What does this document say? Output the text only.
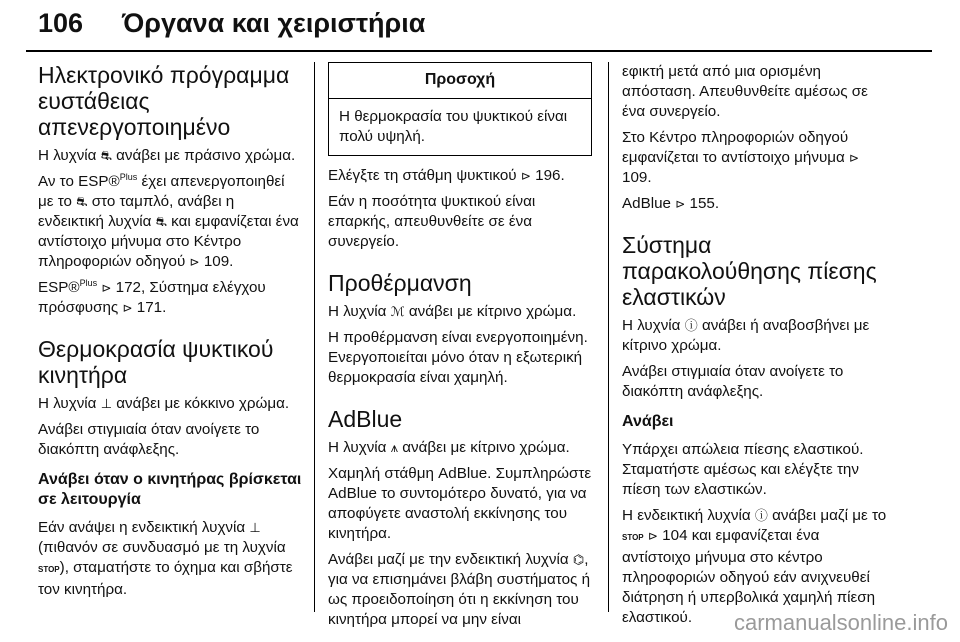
106 Όργανα και χειριστήρια
Ηλεκτρονικό πρόγραμμα ευστάθειας απενεργοποιημένο

Η λυχνία ⛐ ανάβει με πράσινο χρώμα.

Αν το ESP®$^{Plus}$ έχει απενεργοποιηθεί με το ⛐ στο ταμπλό, ανάβει η ενδεικτική λυχνία ⛐ και εμφανίζεται ένα αντίστοιχο μήνυμα στο Κέντρο πληροφοριών οδηγού ⊳ 109.

ESP®$^{Plus}$ ⊳ 172, Σύστημα ελέγχου πρόσφυσης ⊳ 171.

Θερμοκρασία ψυκτικού κινητήρα

Η λυχνία ⊥ ανάβει με κόκκινο χρώμα.

Ανάβει στιγμιαία όταν ανοίγετε το διακόπτη ανάφλεξης.

Ανάβει όταν ο κινητήρας βρίσκεται σε λειτουργία

Εάν ανάψει η ενδεικτική λυχνία ⊥ (πιθανόν σε συνδυασμό με τη λυχνία STOP), σταματήστε το όχημα και σβήστε τον κινητήρα.

Προσοχή
Η θερμοκρασία του ψυκτικού είναι πολύ υψηλή.

Ελέγξτε τη στάθμη ψυκτικού ⊳ 196.

Εάν η ποσότητα ψυκτικού είναι επαρκής, απευθυνθείτε σε ένα συνεργείο.

Προθέρμανση

Η λυχνία ℳ ανάβει με κίτρινο χρώμα.

Η προθέρμανση είναι ενεργοποιημένη. Ενεργοποιείται μόνο όταν η εξωτερική θερμοκρασία είναι χαμηλή.

AdBlue

Η λυχνία ⩚ ανάβει με κίτρινο χρώμα.

Χαμηλή στάθμη AdBlue. Συμπληρώστε AdBlue το συντομότερο δυνατό, για να αποφύγετε αναστολή εκκίνησης του κινητήρα.

Ανάβει μαζί με την ενδεικτική λυχνία ⌬, για να επισημάνει βλάβη συστήματος ή ως προειδοποίηση ότι η εκκίνηση του κινητήρα μπορεί να μην είναι

εφικτή μετά από μια ορισμένη απόσταση. Απευθυνθείτε αμέσως σε ένα συνεργείο.

Στο Κέντρο πληροφοριών οδηγού εμφανίζεται το αντίστοιχο μήνυμα ⊳ 109.

AdBlue ⊳ 155.

Σύστημα παρακολούθησης πίεσης ελαστικών

Η λυχνία ⓘ ανάβει ή αναβοσβήνει με κίτρινο χρώμα.

Ανάβει στιγμιαία όταν ανοίγετε το διακόπτη ανάφλεξης.

Ανάβει

Υπάρχει απώλεια πίεσης ελαστικού. Σταματήστε αμέσως και ελέγξτε την πίεση των ελαστικών.

Η ενδεικτική λυχνία ⓘ ανάβει μαζί με το STOP ⊳ 104 και εμφανίζεται ένα αντίστοιχο μήνυμα στο κέντρο πληροφοριών οδηγού εάν ανιχνευθεί διάτρηση ή υπερβολικά χαμηλή πίεση ελαστικού.	carmanualsonline.info
